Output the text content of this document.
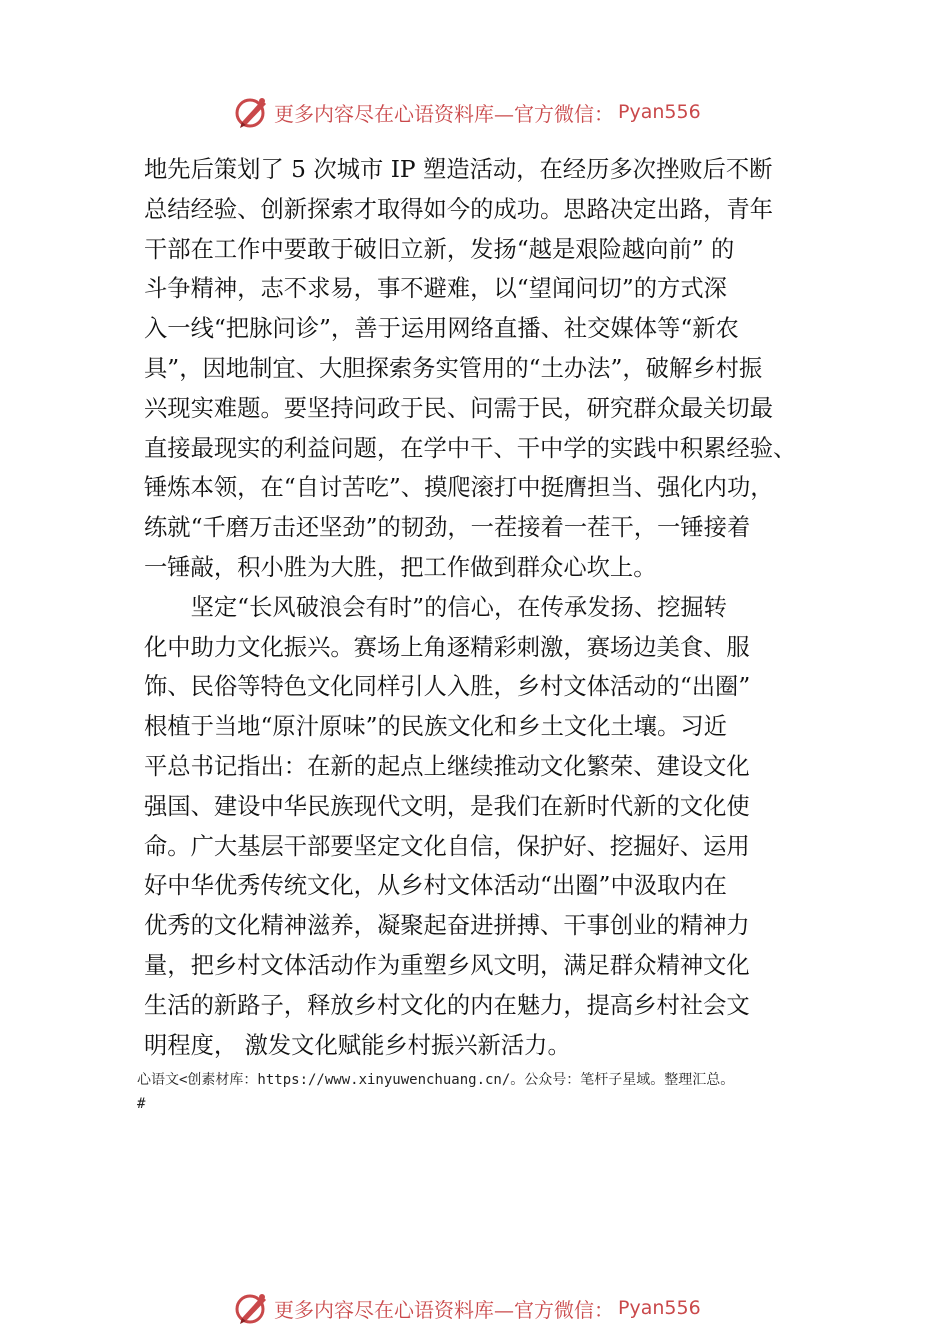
更多内容尽在心语资料库—官方微信： Pyan556
地先后策划了 5 次城市 IP 塑造活动，在经历多次挫败后不断
总结经验、创新探索才取得如今的成功。思路决定出路，青年
干部在工作中要敢于破旧立新，发扬“越是艰险越向前” 的
斗争精神，志不求易，事不避难，以“望闻问切”的方式深
入一线“把脉问诊”，善于运用网络直播、社交媒体等“新农
具”，因地制宜、大胆探索务实管用的“土办法”，破解乡村振
兴现实难题。要坚持问政于民、问需于民，研究群众最关切最
直接最现实的利益问题，在学中干、干中学的实践中积累经验、
锤炼本领，在“自讨苦吃”、摸爬滚打中挺膺担当、强化内功，
练就“千磨万击还坚劲”的韧劲，一茬接着一茬干，一锤接着
一锤敲，积小胜为大胜，把工作做到群众心坎上。
　　坚定“长风破浪会有时”的信心，在传承发扬、挖掘转
化中助力文化振兴。赛场上角逐精彩刺激，赛场边美食、服
饰、民俗等特色文化同样引人入胜，乡村文体活动的“出圈”
根植于当地“原汁原味”的民族文化和乡土文化土壤。习近
平总书记指出：在新的起点上继续推动文化繁荣、建设文化
强国、建设中华民族现代文明，是我们在新时代新的文化使
命。广大基层干部要坚定文化自信，保护好、挖掘好、运用
好中华优秀传统文化，从乡村文体活动“出圈”中汲取内在
优秀的文化精神滋养，凝聚起奋进拼搏、干事创业的精神力
量，把乡村文体活动作为重塑乡风文明，满足群众精神文化
生活的新路子，释放乡村文化的内在魅力，提高乡村社会文
明程度， 激发文化赋能乡村振兴新活力。
心语文<创素材库：https://www.xinyuwenchuang.cn/。公众号：笔杆子星域。整理汇总。
#
更多内容尽在心语资料库—官方微信： Pyan556
